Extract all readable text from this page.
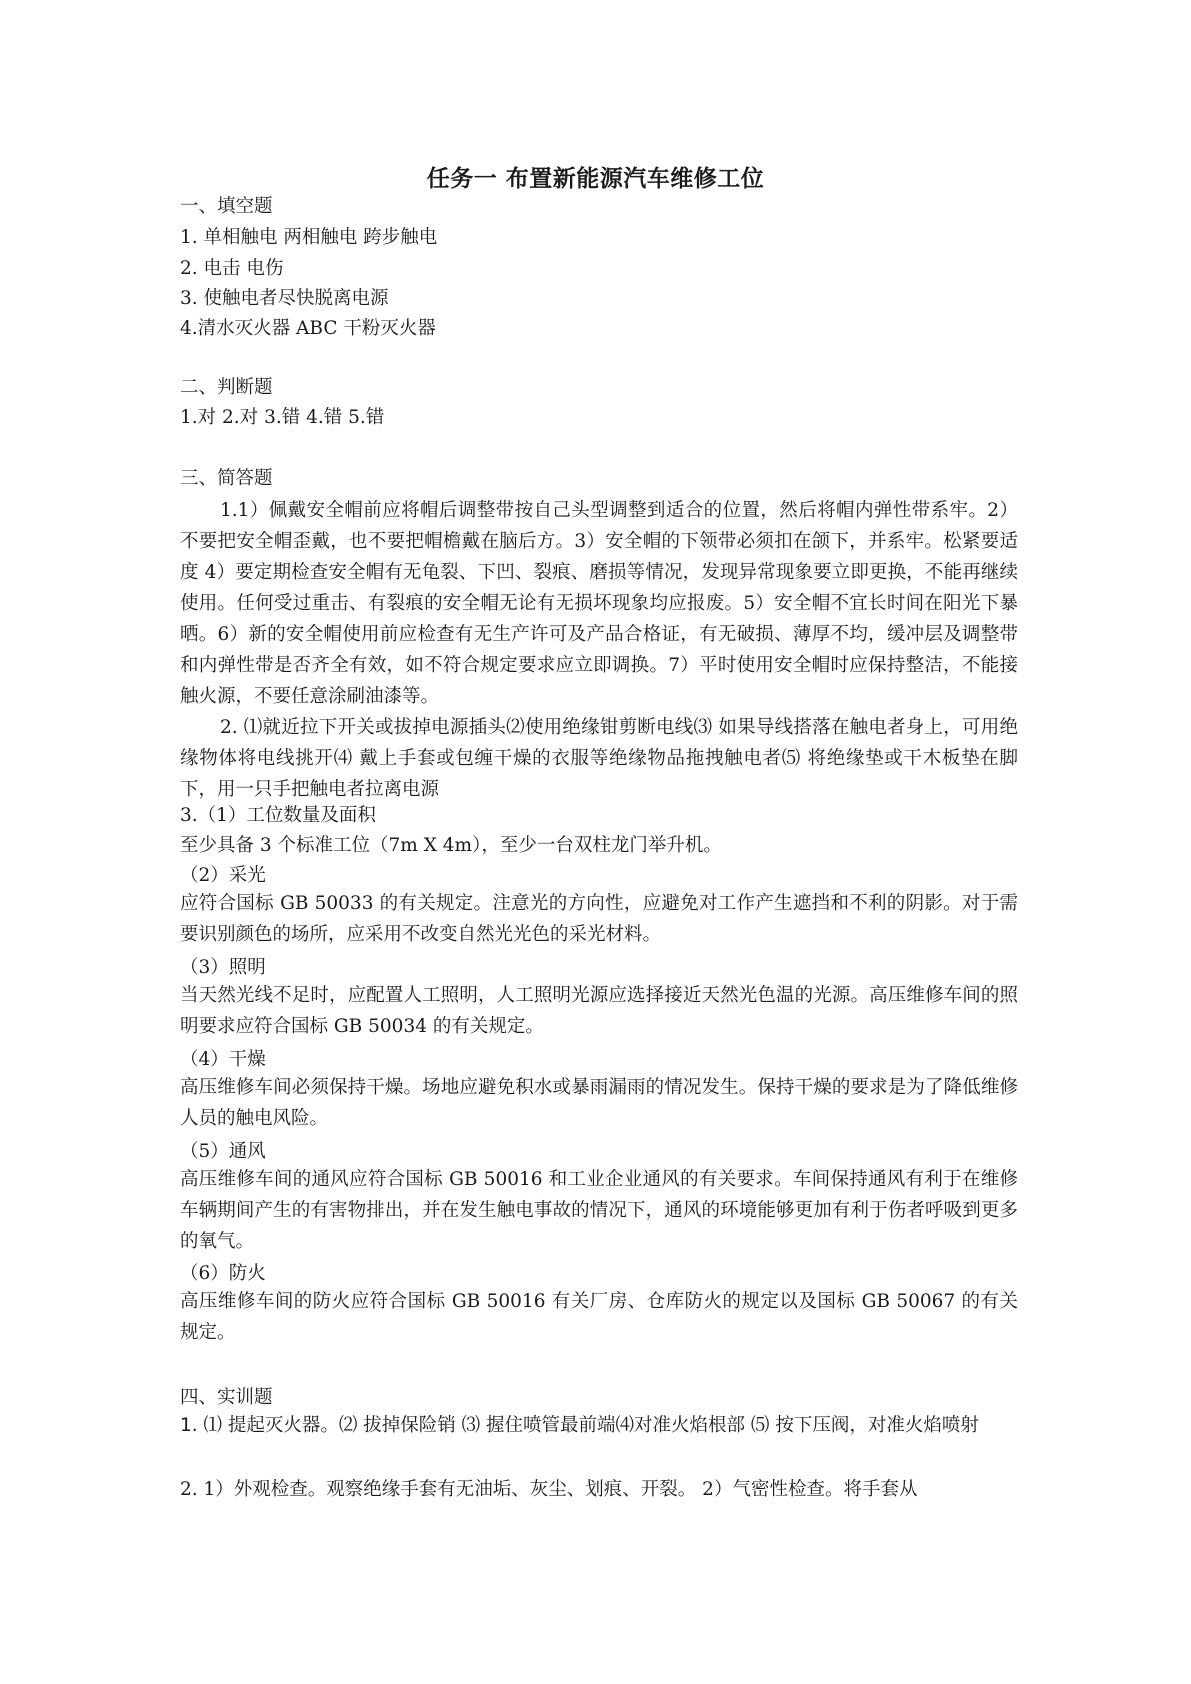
任务一 布置新能源汽车维修工位
一、填空题
1. 单相触电 两相触电 跨步触电
2. 电击 电伤
3. 使触电者尽快脱离电源
4.清水灭火器 ABC 干粉灭火器
二、判断题
1.对 2.对 3.错 4.错 5.错
三、简答题
1.1）佩戴安全帽前应将帽后调整带按自己头型调整到适合的位置，然后将帽内弹性带系牢。2）不要把安全帽歪戴，也不要把帽檐戴在脑后方。3）安全帽的下领带必须扣在颌下，并系牢。松紧要适度 4）要定期检查安全帽有无龟裂、下凹、裂痕、磨损等情况，发现异常现象要立即更换，不能再继续使用。任何受过重击、有裂痕的安全帽无论有无损坏现象均应报废。5）安全帽不宜长时间在阳光下暴晒。6）新的安全帽使用前应检查有无生产许可及产品合格证，有无破损、薄厚不均，缓冲层及调整带和内弹性带是否齐全有效，如不符合规定要求应立即调换。7）平时使用安全帽时应保持整洁，不能接触火源，不要任意涂刷油漆等。
2. ⑴就近拉下开关或拔掉电源插头⑵使用绝缘钳剪断电线⑶ 如果导线搭落在触电者身上，可用绝缘物体将电线挑开⑷ 戴上手套或包缠干燥的衣服等绝缘物品拖拽触电者⑸ 将绝缘垫或干木板垫在脚下，用一只手把触电者拉离电源
3.（1）工位数量及面积
至少具备 3 个标准工位（7m X 4m），至少一台双柱龙门举升机。
（2）采光
应符合国标 GB 50033 的有关规定。注意光的方向性，应避免对工作产生遮挡和不利的阴影。对于需要识别颜色的场所，应采用不改变自然光光色的采光材料。
（3）照明
当天然光线不足时，应配置人工照明，人工照明光源应选择接近天然光色温的光源。高压维修车间的照明要求应符合国标 GB 50034 的有关规定。
（4）干燥
高压维修车间必须保持干燥。场地应避免积水或暴雨漏雨的情况发生。保持干燥的要求是为了降低维修人员的触电风险。
（5）通风
高压维修车间的通风应符合国标 GB 50016 和工业企业通风的有关要求。车间保持通风有利于在维修车辆期间产生的有害物排出，并在发生触电事故的情况下，通风的环境能够更加有利于伤者呼吸到更多的氧气。
（6）防火
高压维修车间的防火应符合国标 GB 50016 有关厂房、仓库防火的规定以及国标 GB 50067 的有关规定。
四、实训题
1. ⑴ 提起灭火器。⑵ 拔掉保险销 ⑶ 握住喷管最前端⑷对准火焰根部 ⑸ 按下压阀，对准火焰喷射
2. 1）外观检查。观察绝缘手套有无油垢、灰尘、划痕、开裂。 2）气密性检查。将手套从
